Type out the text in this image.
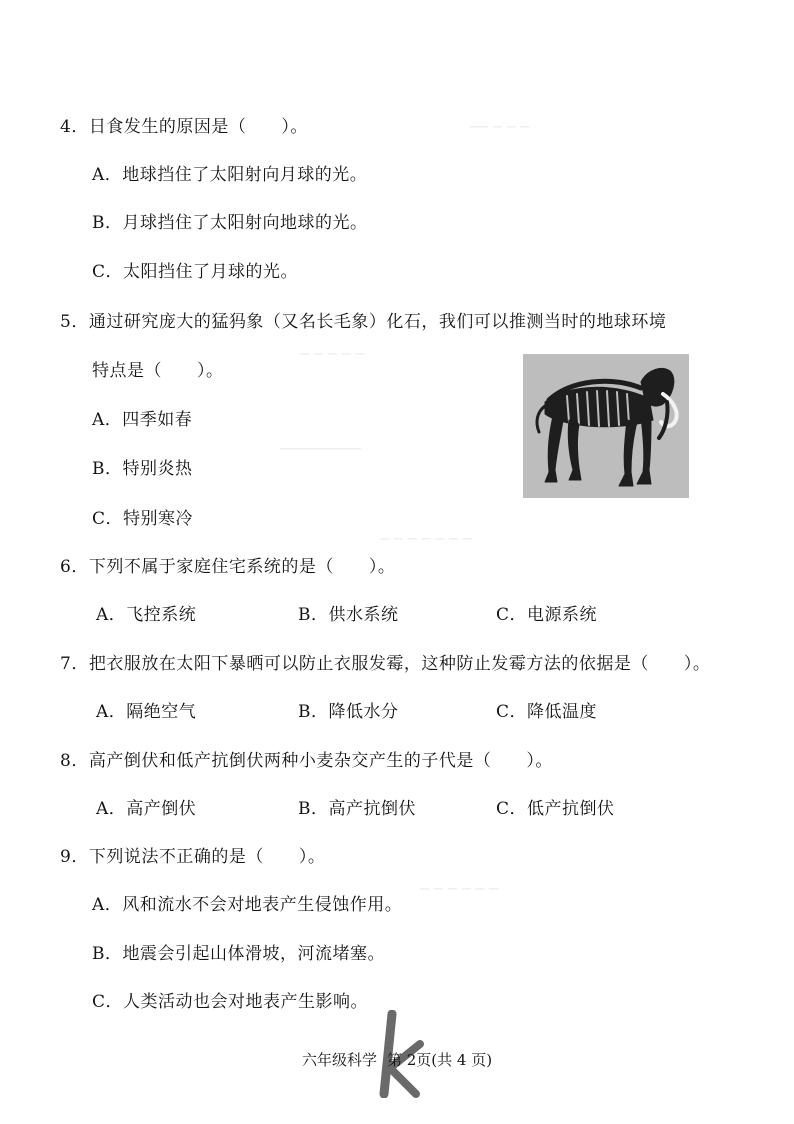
── ─ ─ ─
─ ─ ─ ─ ─
─────────
─ ─ ─ ─ ─ ─ ─
─ ─ ─ ─ ─ ─
4．日食发生的原因是（　　）。
A．地球挡住了太阳射向月球的光。
B．月球挡住了太阳射向地球的光。
C．太阳挡住了月球的光。
5．通过研究庞大的猛犸象（又名长毛象）化石，我们可以推测当时的地球环境
特点是（　　）。
A．四季如春
B．特别炎热
C．特别寒冷
6．下列不属于家庭住宅系统的是（　　）。
A．飞控系统	B．供水系统	C．电源系统
7．把衣服放在太阳下暴晒可以防止衣服发霉，这种防止发霉方法的依据是（　　）。
A．隔绝空气	B．降低水分	C．降低温度
8．高产倒伏和低产抗倒伏两种小麦杂交产生的子代是（　　）。
A．高产倒伏	B．高产抗倒伏	C．低产抗倒伏
9．下列说法不正确的是（　　）。
A．风和流水不会对地表产生侵蚀作用。
B．地震会引起山体滑坡，河流堵塞。
C．人类活动也会对地表产生影响。
六年级科学 第 2页(共 4 页)
